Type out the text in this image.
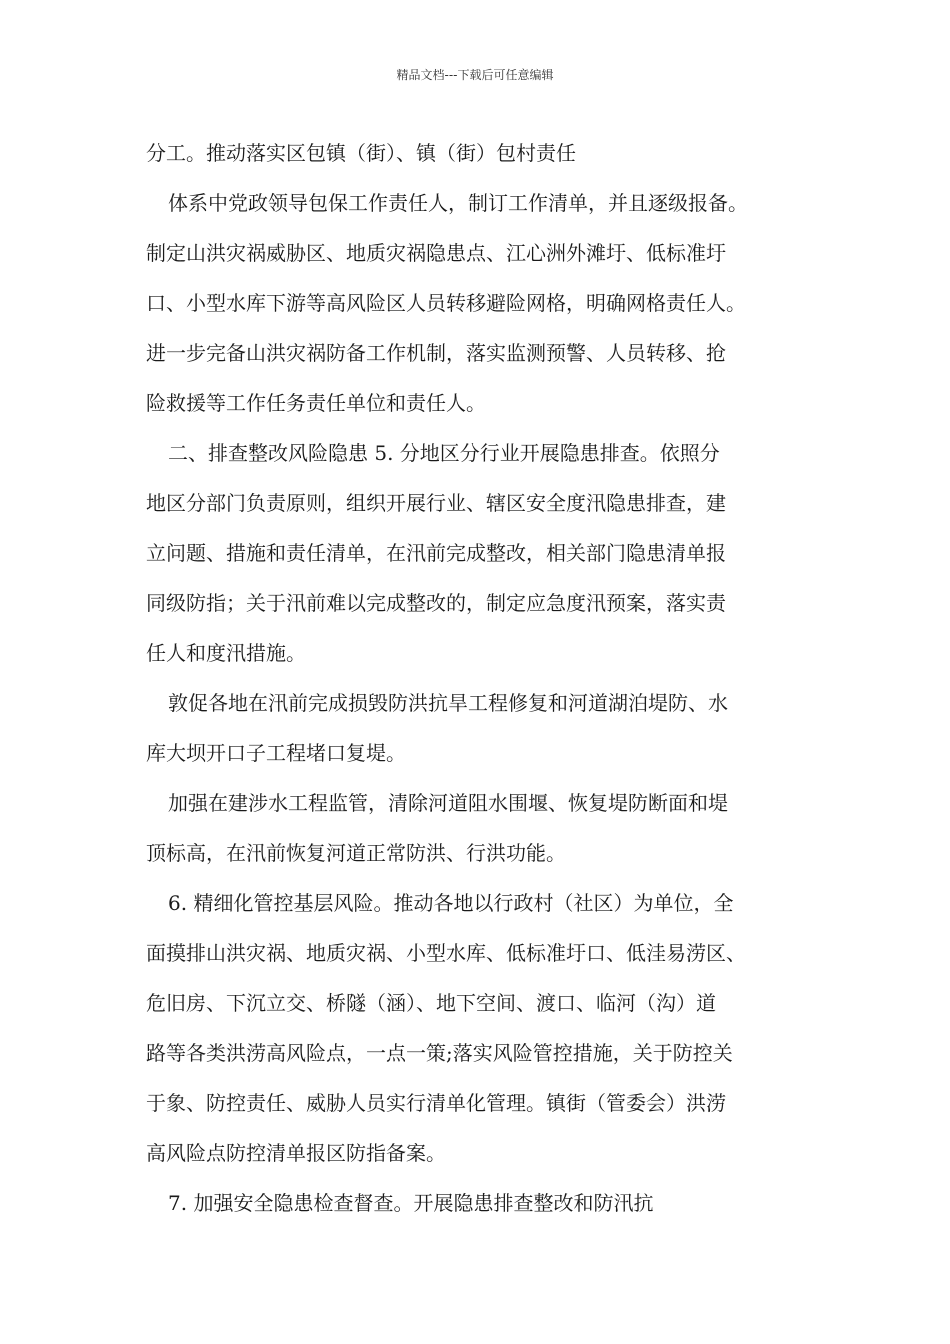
精品文档---下载后可任意编辑
分工。推动落实区包镇（街）、镇（街）包村责任
体系中党政领导包保工作责任人，制订工作清单，并且逐级报备。
制定山洪灾祸威胁区、地质灾祸隐患点、江心洲外滩圩、低标准圩
口、小型水库下游等高风险区人员转移避险网格，明确网格责任人。
进一步完备山洪灾祸防备工作机制，落实监测预警、人员转移、抢
险救援等工作任务责任单位和责任人。
二、排查整改风险隐患 5. 分地区分行业开展隐患排查。依照分
地区分部门负责原则，组织开展行业、辖区安全度汛隐患排查，建
立问题、措施和责任清单，在汛前完成整改，相关部门隐患清单报
同级防指；关于汛前难以完成整改的，制定应急度汛预案，落实责
任人和度汛措施。
敦促各地在汛前完成损毁防洪抗旱工程修复和河道湖泊堤防、水
库大坝开口子工程堵口复堤。
加强在建涉水工程监管，清除河道阻水围堰、恢复堤防断面和堤
顶标高，在汛前恢复河道正常防洪、行洪功能。
6. 精细化管控基层风险。推动各地以行政村（社区）为单位，全
面摸排山洪灾祸、地质灾祸、小型水库、低标准圩口、低洼易涝区、
危旧房、下沉立交、桥隧（涵）、地下空间、渡口、临河（沟）道
路等各类洪涝高风险点，一点一策;落实风险管控措施，关于防控关
于象、防控责任、威胁人员实行清单化管理。镇街（管委会）洪涝
高风险点防控清单报区防指备案。
7. 加强安全隐患检查督查。开展隐患排查整改和防汛抗
